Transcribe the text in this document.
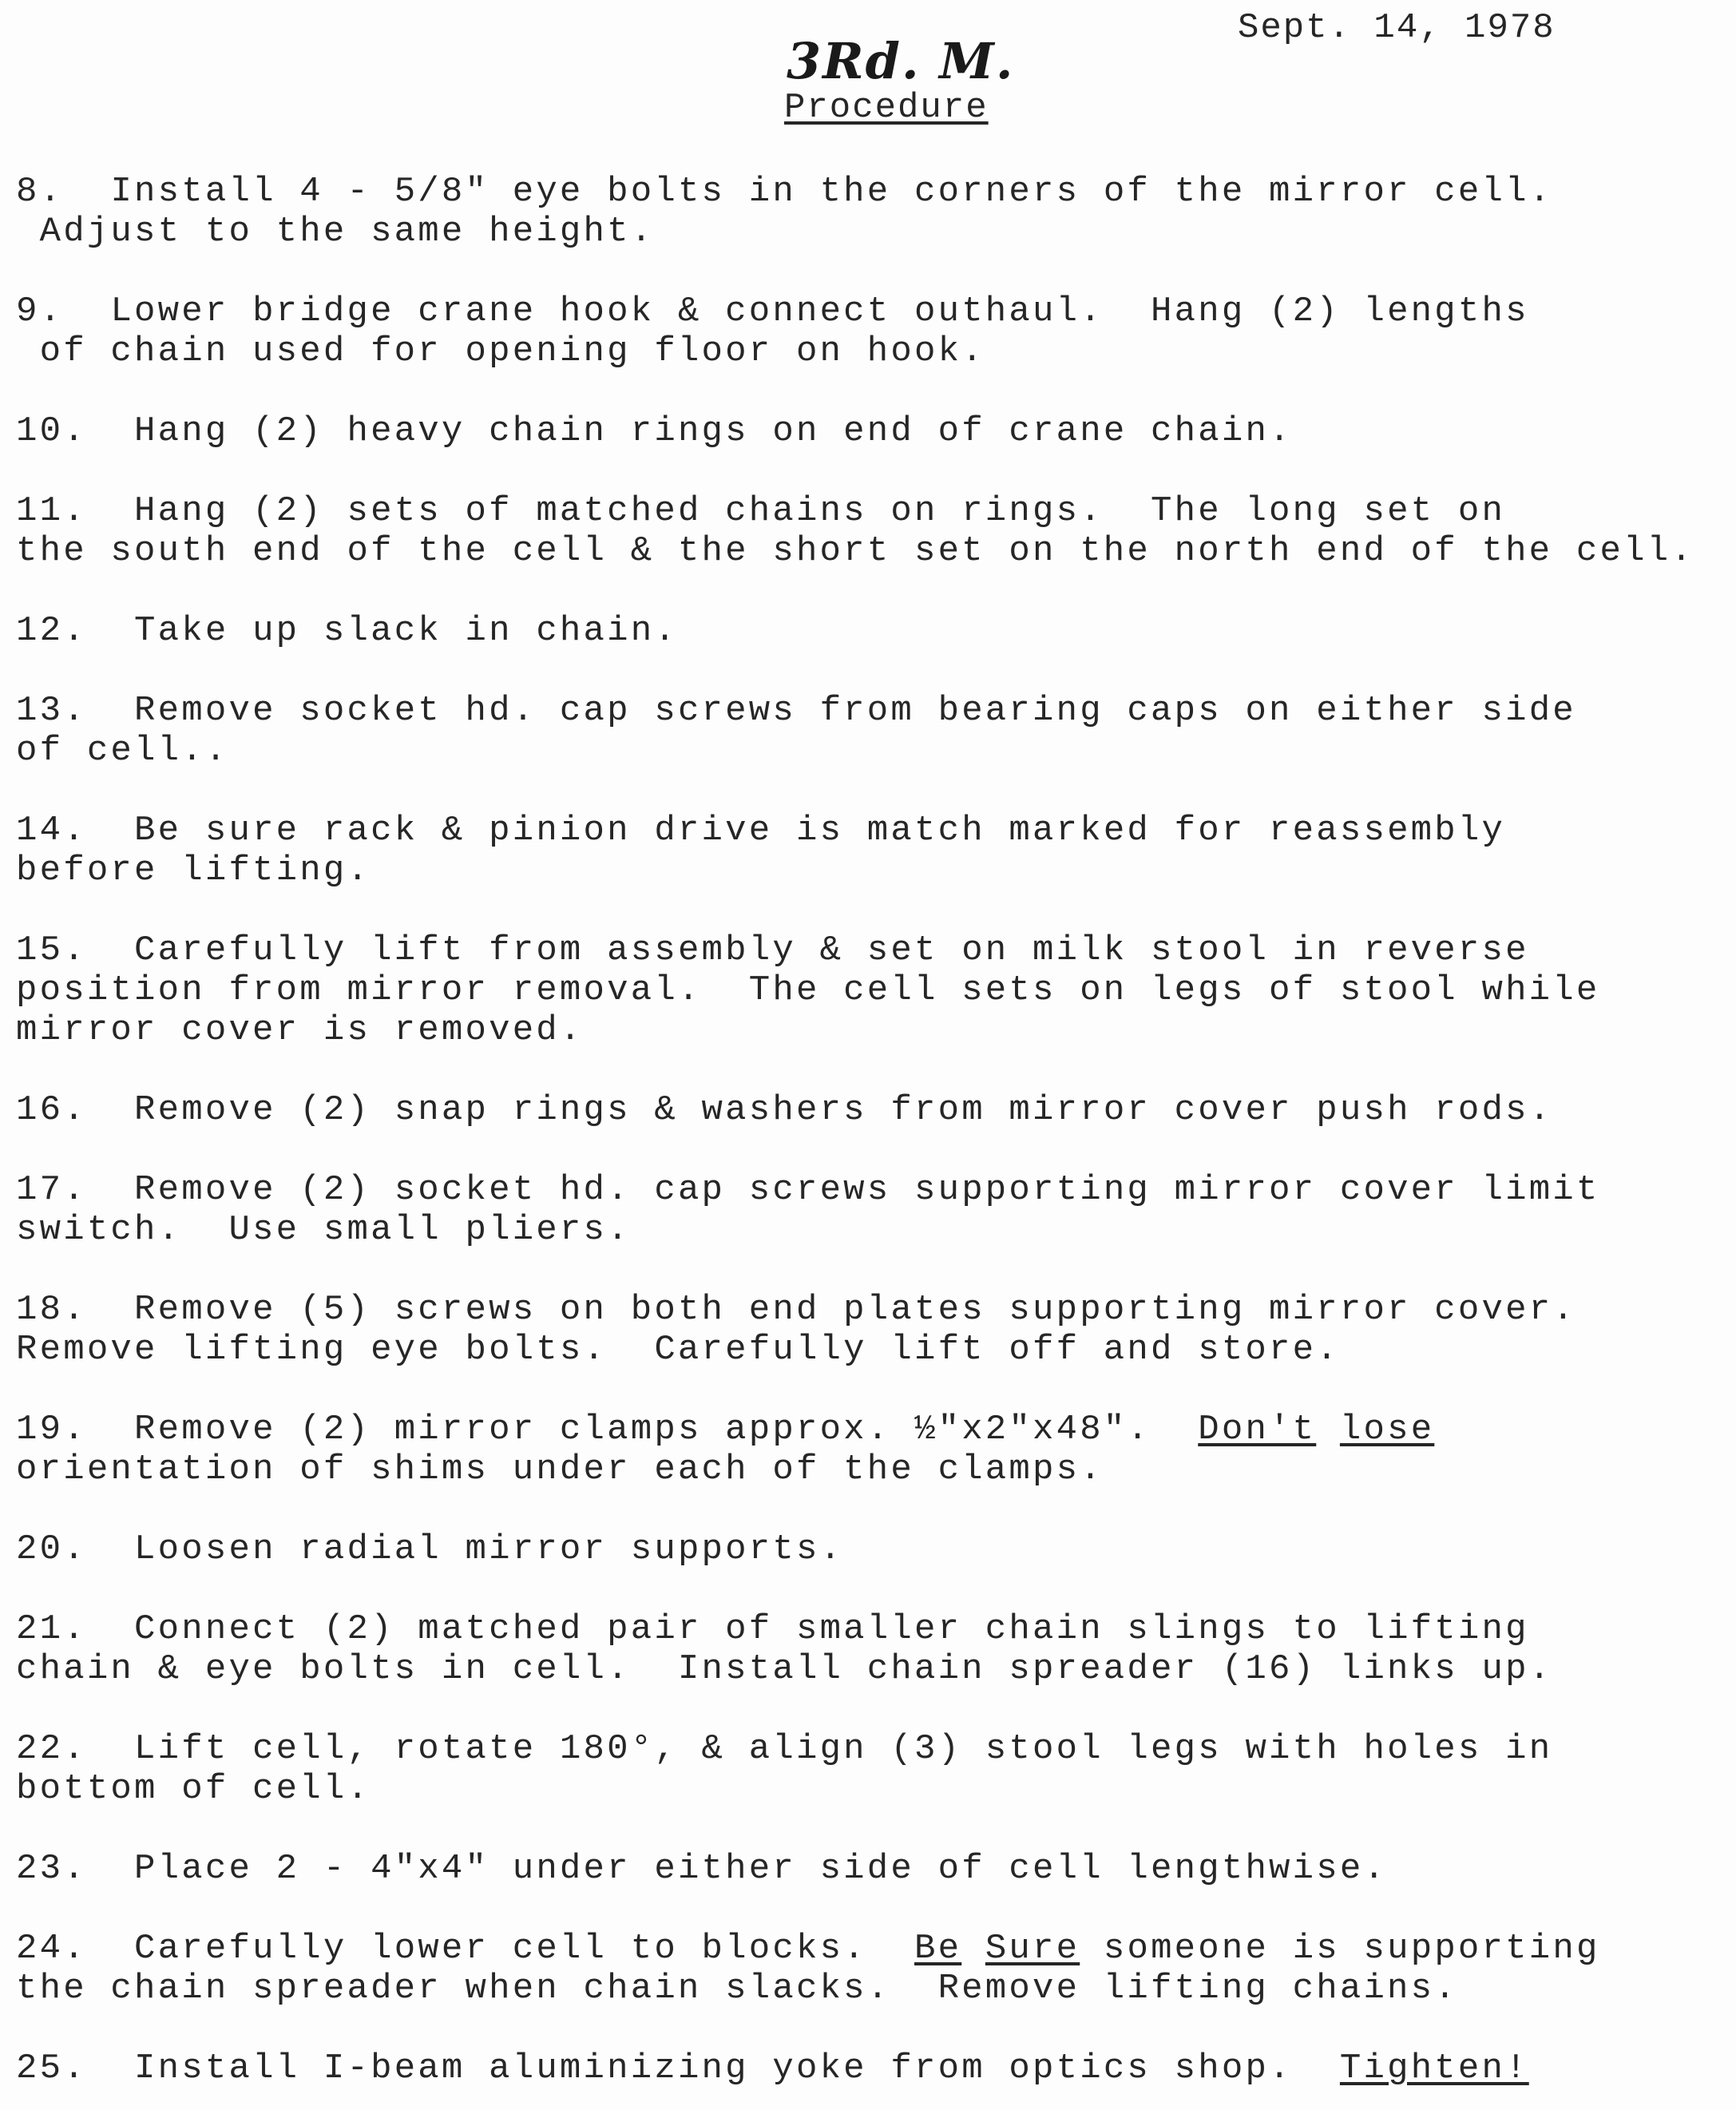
Sept. 14, 1978
3Rd. M.
Procedure
8. Install 4 - 5/8" eye bolts in the corners of the mirror cell.
Adjust to the same height.
9. Lower bridge crane hook & connect outhaul.  Hang (2) lengths
of chain used for opening floor on hook.
10. Hang (2) heavy chain rings on end of crane chain.
11. Hang (2) sets of matched chains on rings.  The long set on
the south end of the cell & the short set on the north end of the cell.
12. Take up slack in chain.
13. Remove socket hd. cap screws from bearing caps on either side
of cell..
14. Be sure rack & pinion drive is match marked for reassembly
before lifting.
15. Carefully lift from assembly & set on milk stool in reverse
position from mirror removal.  The cell sets on legs of stool while
mirror cover is removed.
16. Remove (2) snap rings & washers from mirror cover push rods.
17. Remove (2) socket hd. cap screws supporting mirror cover limit
switch.  Use small pliers.
18. Remove (5) screws on both end plates supporting mirror cover.
Remove lifting eye bolts.  Carefully lift off and store.
19. Remove (2) mirror clamps approx. ½"x2"x48". Don't lose
orientation of shims under each of the clamps.
20. Loosen radial mirror supports.
21. Connect (2) matched pair of smaller chain slings to lifting
chain & eye bolts in cell.  Install chain spreader (16) links up.
22. Lift cell, rotate 180°, & align (3) stool legs with holes in
bottom of cell.
23. Place 2 - 4"x4" under either side of cell lengthwise.
24. Carefully lower cell to blocks. Be Sure someone is supporting
the chain spreader when chain slacks.  Remove lifting chains.
25. Install I-beam aluminizing yoke from optics shop. Tighten!
